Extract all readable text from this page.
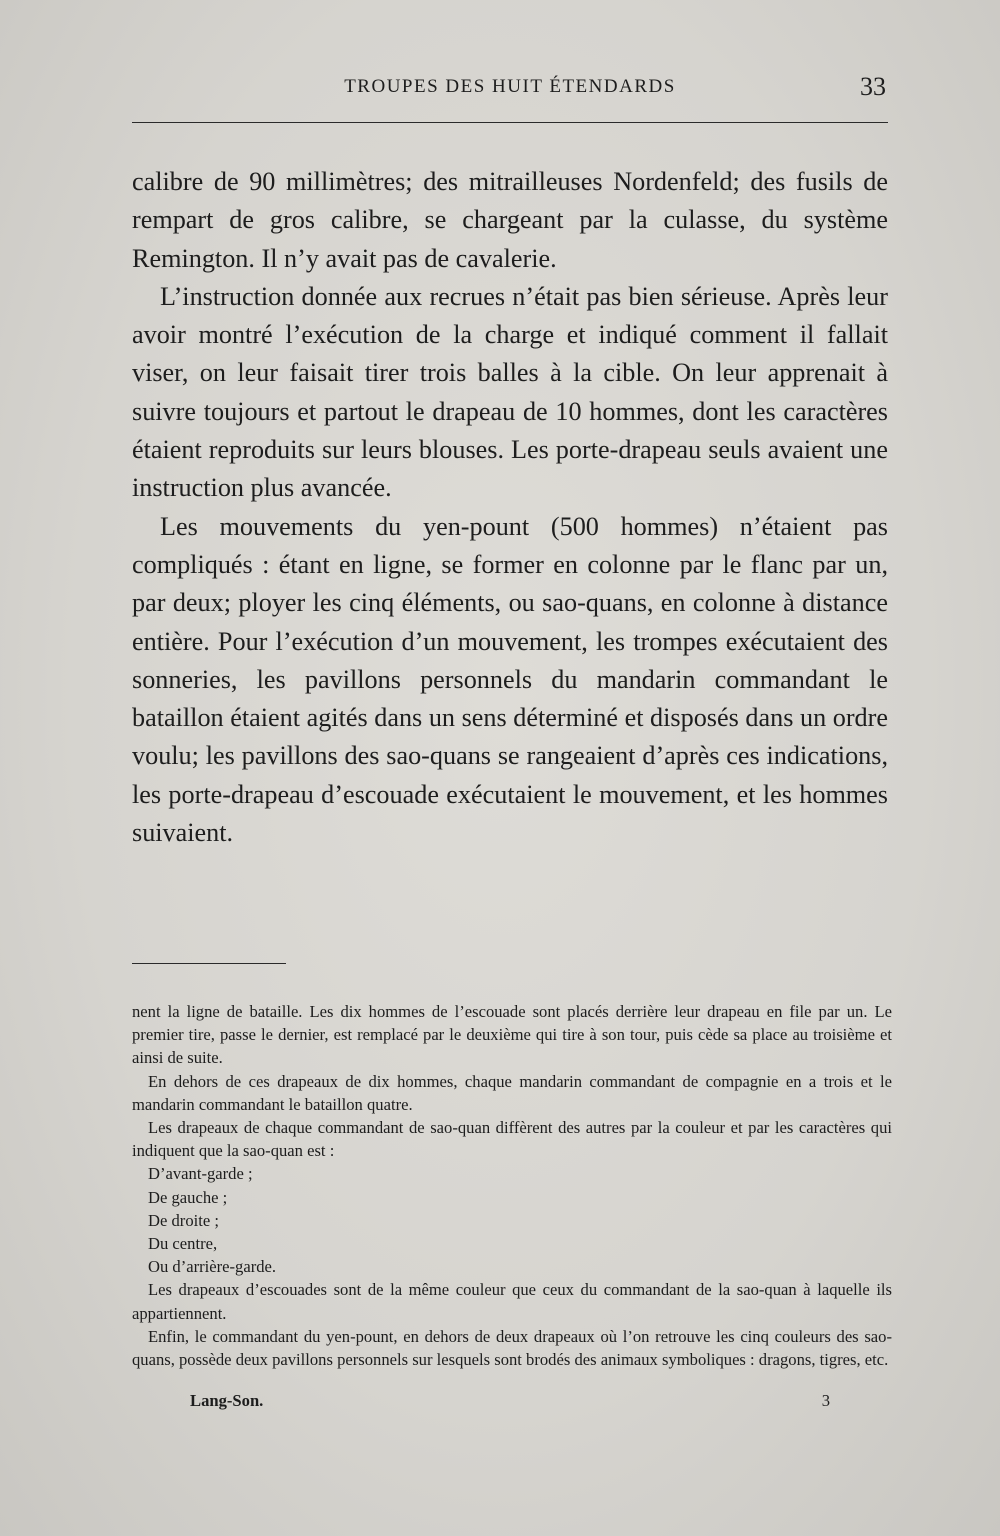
TROUPES DES HUIT ÉTENDARDS	33

calibre de 90 millimètres; des mitrailleuses Nordenfeld; des fusils de rempart de gros calibre, se chargeant par la culasse, du système Remington. Il n’y avait pas de cavalerie.

L’instruction donnée aux recrues n’était pas bien sérieuse. Après leur avoir montré l’exécution de la charge et indiqué comment il fallait viser, on leur faisait tirer trois balles à la cible. On leur apprenait à suivre toujours et partout le drapeau de 10 hommes, dont les caractères étaient reproduits sur leurs blouses. Les porte-drapeau seuls avaient une instruction plus avancée.

Les mouvements du yen-pount (500 hommes) n’étaient pas compliqués : étant en ligne, se former en colonne par le flanc par un, par deux; ployer les cinq éléments, ou sao-quans, en colonne à distance entière. Pour l’exécution d’un mouvement, les trompes exécutaient des sonneries, les pavillons personnels du mandarin commandant le bataillon étaient agités dans un sens déterminé et disposés dans un ordre voulu; les pavillons des sao-quans se rangeaient d’après ces indications, les porte-drapeau d’escouade exécutaient le mouvement, et les hommes suivaient.

nent la ligne de bataille. Les dix hommes de l’escouade sont placés derrière leur drapeau en file par un. Le premier tire, passe le dernier, est remplacé par le deuxième qui tire à son tour, puis cède sa place au troisième et ainsi de suite.

En dehors de ces drapeaux de dix hommes, chaque mandarin commandant de compagnie en a trois et le mandarin commandant le bataillon quatre.

Les drapeaux de chaque commandant de sao-quan diffèrent des autres par la couleur et par les caractères qui indiquent que la sao-quan est :

D’avant-garde ;

De gauche ;

De droite ;

Du centre,

Ou d’arrière-garde.

Les drapeaux d’escouades sont de la même couleur que ceux du commandant de la sao-quan à laquelle ils appartiennent.

Enfin, le commandant du yen-pount, en dehors de deux drapeaux où l’on retrouve les cinq couleurs des sao-quans, possède deux pavillons personnels sur lesquels sont brodés des animaux symboliques : dragons, tigres, etc.

Lang-Son.	3
